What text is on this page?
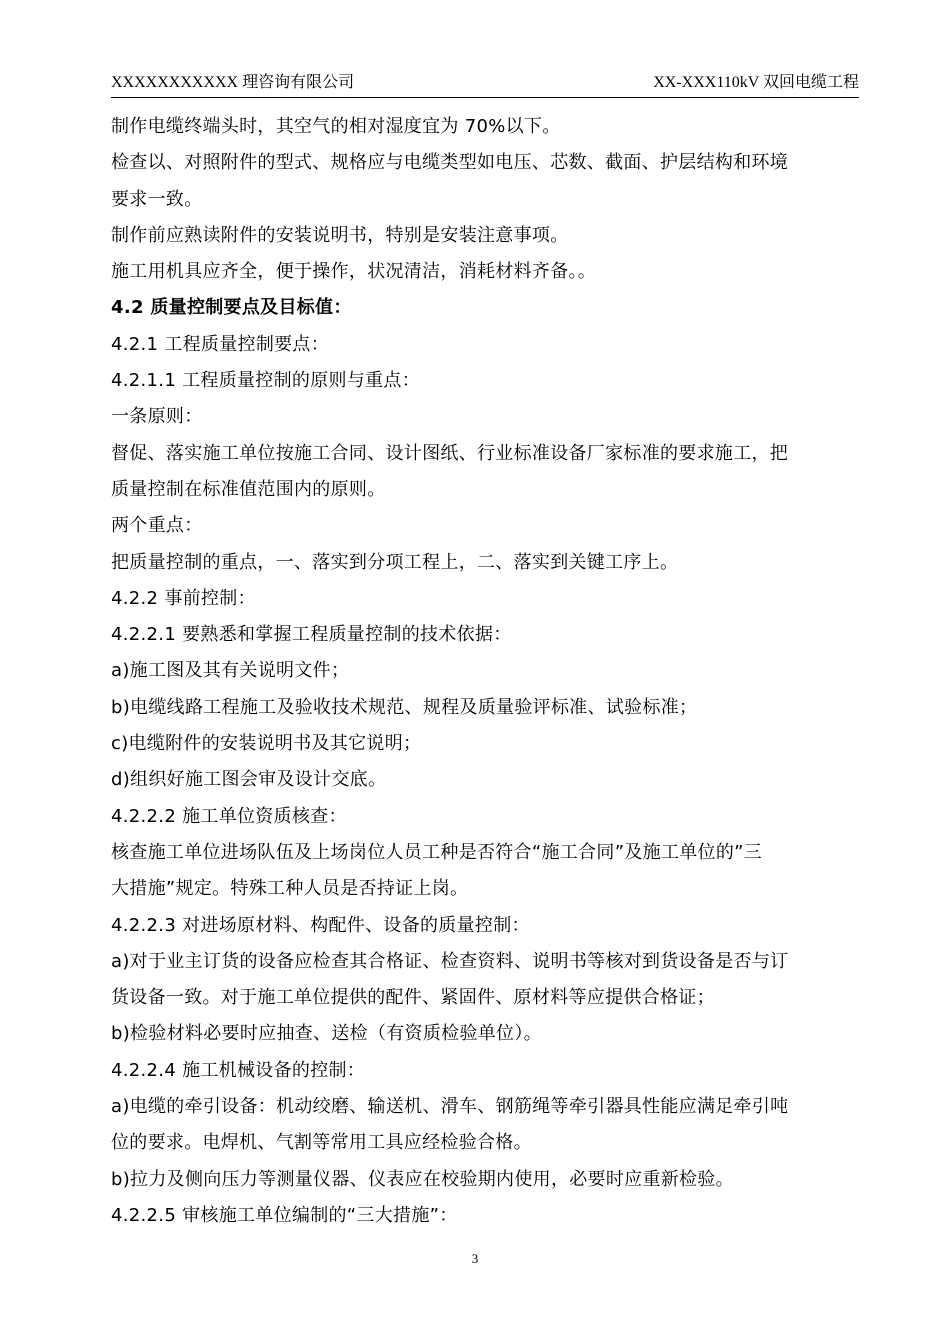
XXXXXXXXXXX 理咨询有限公司	XX-XXX110kV 双回电缆工程
制作电缆终端头时，其空气的相对湿度宜为 70%以下。
检查以、对照附件的型式、规格应与电缆类型如电压、芯数、截面、护层结构和环境
要求一致。
制作前应熟读附件的安装说明书，特别是安装注意事项。
施工用机具应齐全，便于操作，状况清洁，消耗材料齐备。。
4.2 质量控制要点及目标值：
4.2.1 工程质量控制要点：
4.2.1.1 工程质量控制的原则与重点：
一条原则：
督促、落实施工单位按施工合同、设计图纸、行业标准设备厂家标准的要求施工，把
质量控制在标准值范围内的原则。
两个重点：
把质量控制的重点，一、落实到分项工程上，二、落实到关键工序上。
4.2.2 事前控制：
4.2.2.1 要熟悉和掌握工程质量控制的技术依据：
a)施工图及其有关说明文件；
b)电缆线路工程施工及验收技术规范、规程及质量验评标准、试验标准；
c)电缆附件的安装说明书及其它说明；
d)组织好施工图会审及设计交底。
4.2.2.2 施工单位资质核查：
核查施工单位进场队伍及上场岗位人员工种是否符合“施工合同”及施工单位的”三
大措施”规定。特殊工种人员是否持证上岗。
4.2.2.3 对进场原材料、构配件、设备的质量控制：
a)对于业主订货的设备应检查其合格证、检查资料、说明书等核对到货设备是否与订
货设备一致。对于施工单位提供的配件、紧固件、原材料等应提供合格证；
b)检验材料必要时应抽查、送检（有资质检验单位）。
4.2.2.4 施工机械设备的控制：
a)电缆的牵引设备：机动绞磨、输送机、滑车、钢筋绳等牵引器具性能应满足牵引吨
位的要求。电焊机、气割等常用工具应经检验合格。
b)拉力及侧向压力等测量仪器、仪表应在校验期内使用，必要时应重新检验。
4.2.2.5 审核施工单位编制的“三大措施”：
3
